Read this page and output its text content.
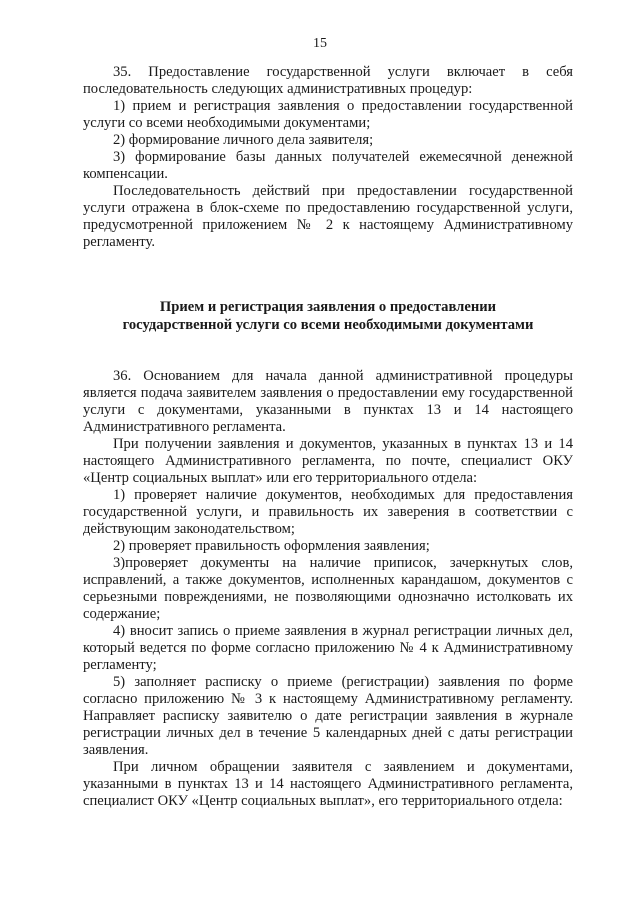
15

35. Предоставление государственной услуги включает в себя последовательность следующих административных процедур:

1) прием и регистрация заявления о предоставлении государственной услуги со всеми необходимыми документами;

2) формирование личного дела заявителя;

3) формирование базы данных получателей ежемесячной денежной компенсации.

Последовательность действий при предоставлении государственной услуги отражена в блок-схеме по предоставлению государственной услуги, предусмотренной приложением № 2 к настоящему Административному регламенту.

Прием и регистрация заявления о предоставлении
государственной услуги со всеми необходимыми документами

36. Основанием для начала данной административной процедуры является подача заявителем заявления о предоставлении ему государственной услуги с документами, указанными в пунктах 13 и 14 настоящего Административного регламента.

При получении заявления и документов, указанных в пунктах 13 и 14 настоящего Административного регламента, по почте, специалист ОКУ «Центр социальных выплат» или его территориального отдела:

1) проверяет наличие документов, необходимых для предоставления государственной услуги, и правильность их заверения в соответствии с действующим законодательством;

2) проверяет правильность оформления заявления;

3)проверяет документы на наличие приписок, зачеркнутых слов, исправлений, а также документов, исполненных карандашом, документов с серьезными повреждениями, не позволяющими однозначно истолковать их содержание;

4) вносит запись о приеме заявления в журнал регистрации личных дел, который ведется по форме согласно приложению № 4 к Административному регламенту;

5) заполняет расписку о приеме (регистрации) заявления по форме согласно приложению № 3 к настоящему Административному регламенту. Направляет расписку заявителю о дате регистрации заявления в журнале регистрации личных дел в течение 5 календарных дней с даты регистрации заявления.

При личном обращении заявителя с заявлением и документами, указанными в пунктах 13 и 14 настоящего Административного регламента, специалист ОКУ «Центр социальных выплат», его территориального отдела:
